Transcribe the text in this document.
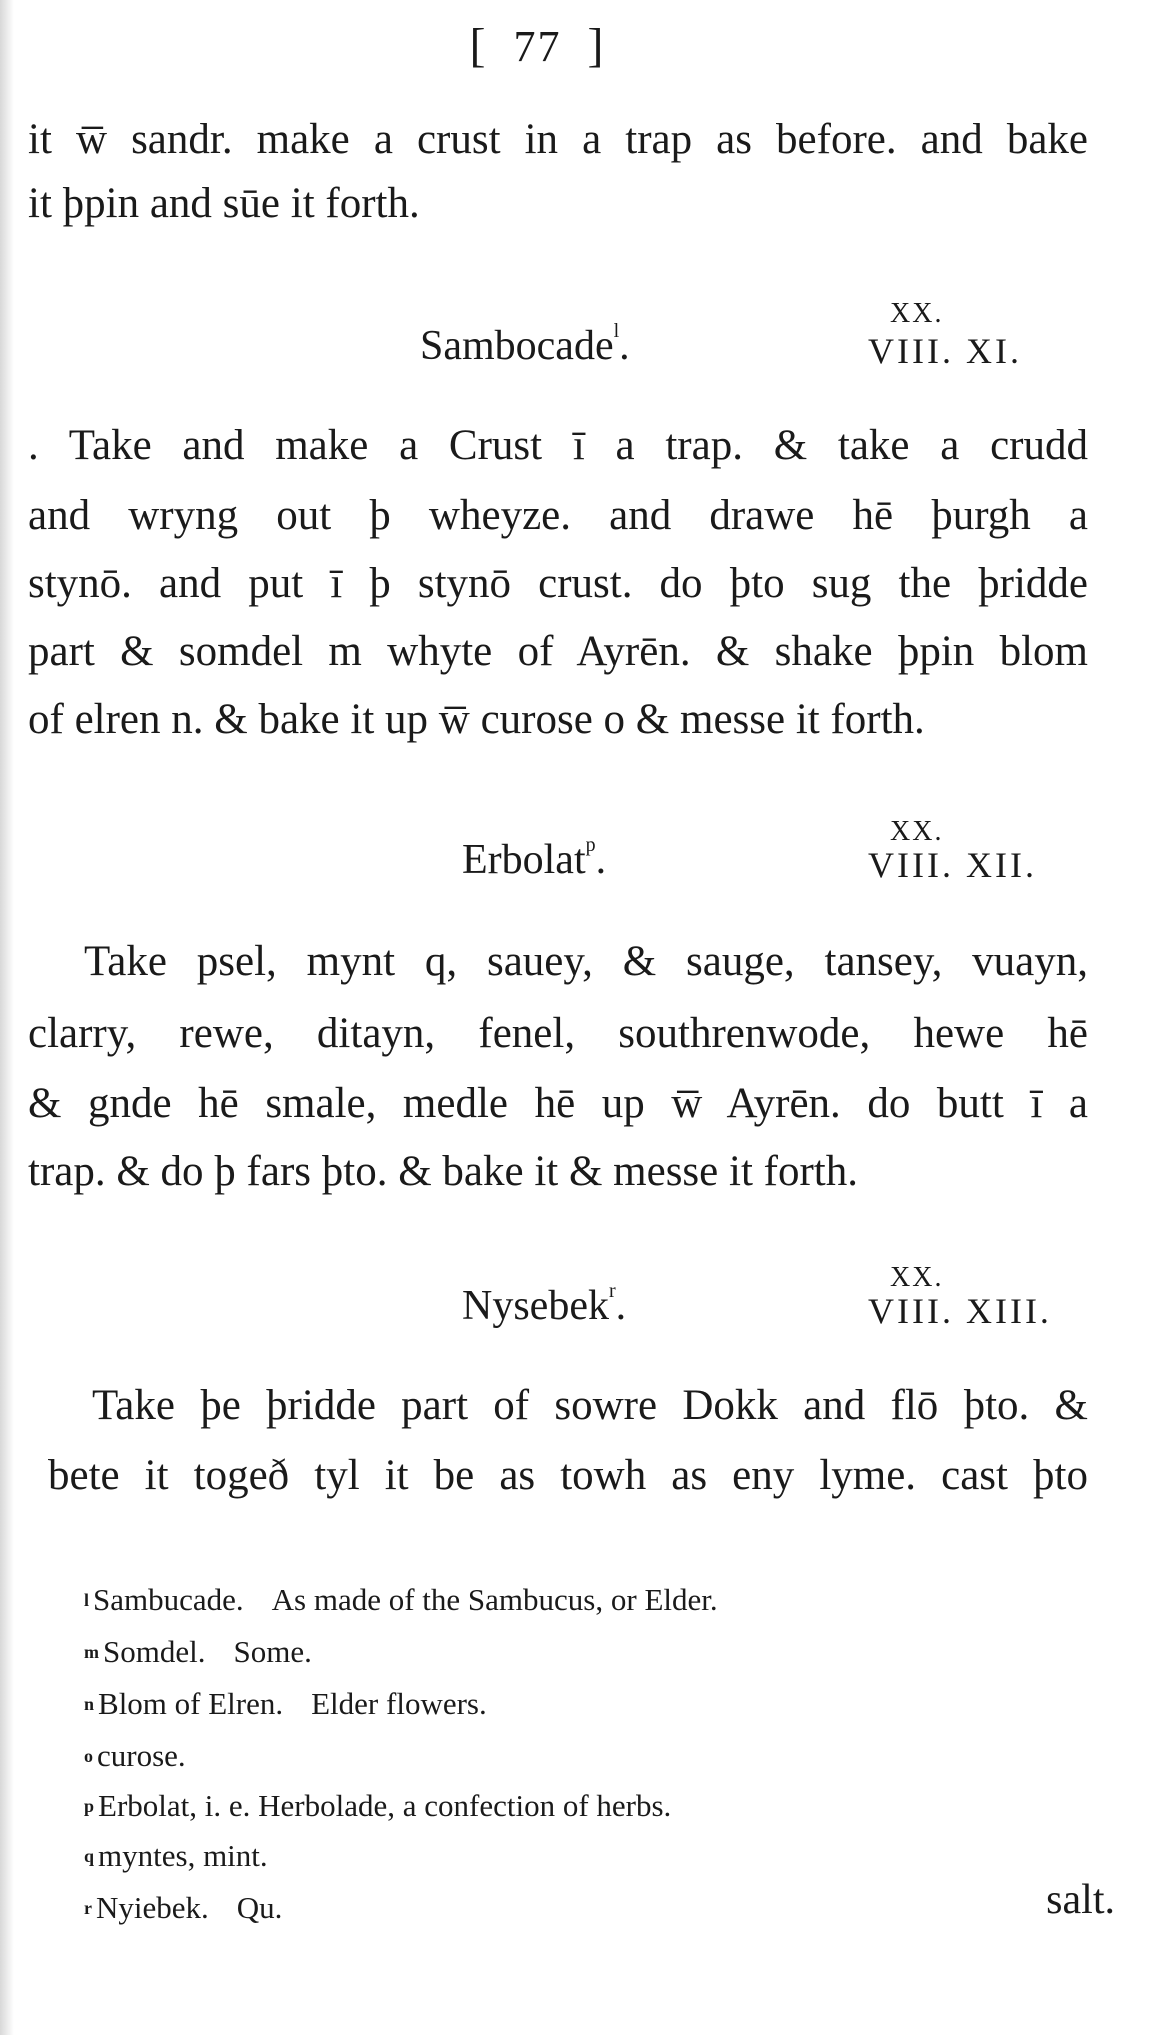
[ 77 ]
it w̅ sandr. make a crust in a trap as before. and bake
it þpin and sūe it forth.
XX.
Sambocade$^l$.	VIII. XI.
. Take and make a Crust ī a trap. & take a crudd
and wryng out þ wheyze. and drawe hē þurgh a
stynō. and put ī þ stynō crust. do þto sug the þridde
part & somdel m whyte of Ayrēn. & shake þpin blom
of elren n. & bake it up w̅ curose o & messe it forth.
XX.
Erbolat$^p$.	VIII. XII.
Take psel, mynt q, sauey, & sauge, tansey, vuayn,
clarry, rewe, ditayn, fenel, southrenwode, hewe hē
& gnde hē smale, medle hē up w̅ Ayrēn. do butt ī a
trap. & do þ fars þto. & bake it & messe it forth.
XX.
Nysebek$^r$.	VIII. XIII.
Take þe þridde part of sowre Dokk and flō þto. &
bete it togeð tyl it be as towh as eny lyme. cast þto
$^l$ Sambucade. As made of the Sambucus, or Elder.
$^m$ Somdel. Some.
$^n$ Blom of Elren. Elder flowers.
$^o$ curose.
$^p$ Erbolat, i. e. Herbolade, a confection of herbs.
$^q$ myntes, mint.
$^r$ Nyiebek. Qu.	salt.
